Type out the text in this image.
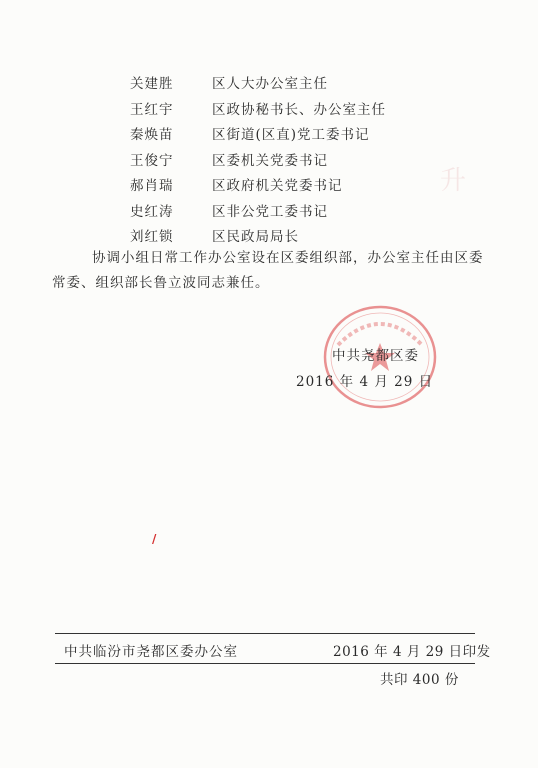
升
关建胜	区人大办公室主任
王红宇	区政协秘书长、办公室主任
秦焕苗	区街道(区直)党工委书记
王俊宁	区委机关党委书记
郝肖瑞	区政府机关党委书记
史红涛	区非公党工委书记
刘红锁	区民政局局长
协调小组日常工作办公室设在区委组织部，办公室主任由区委常委、组织部长鲁立波同志兼任。
中共尧都区委
2016 年 4 月 29 日
/
中共临汾市尧都区委办公室	2016 年 4 月 29 日印发
共印 400 份
